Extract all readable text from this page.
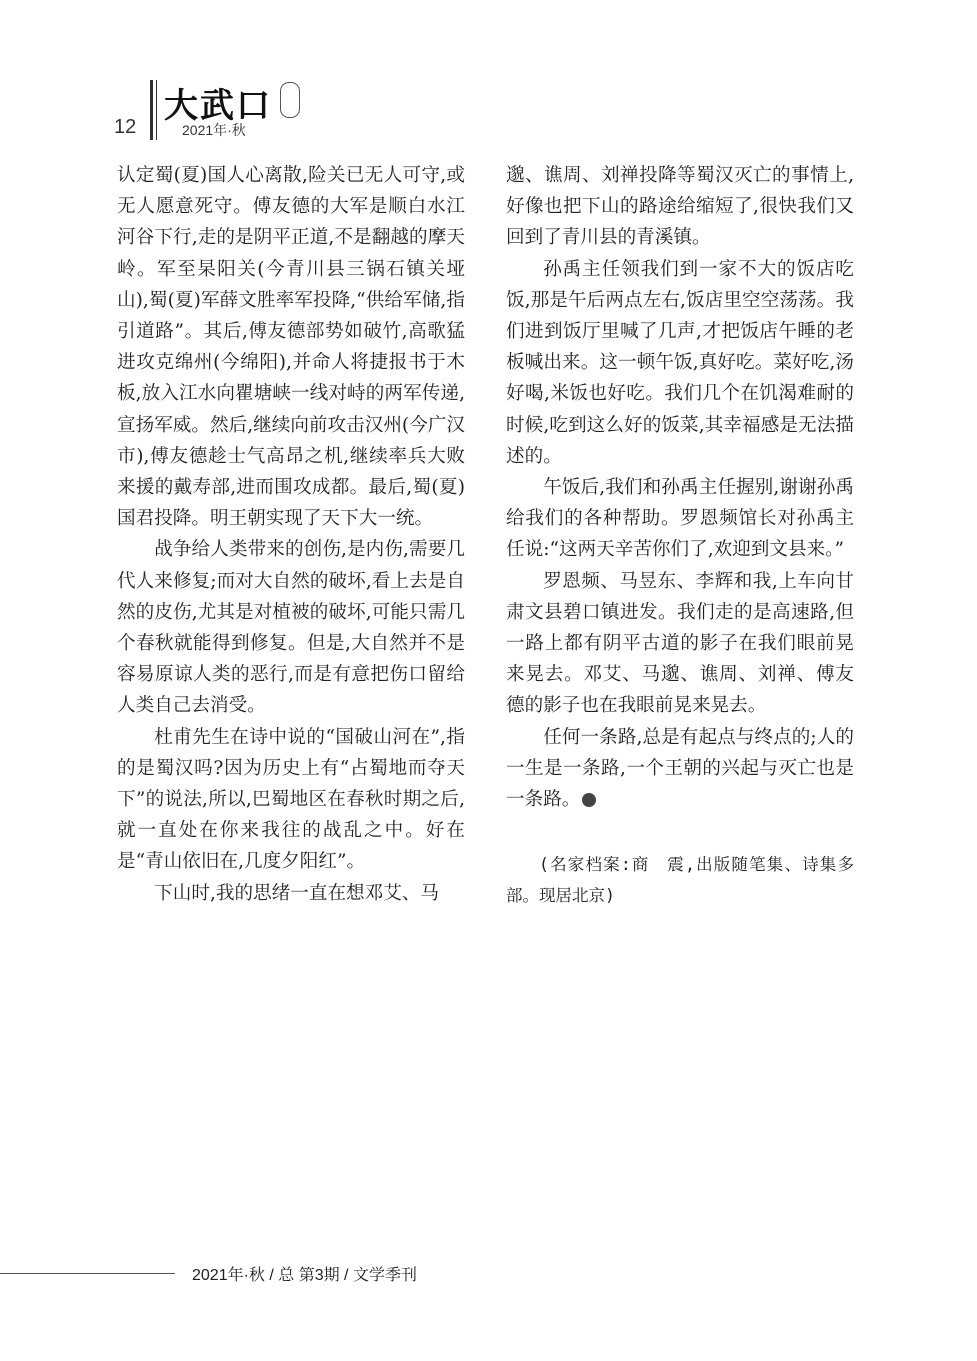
12
大武口
2021年·秋

认定蜀(夏)国人心离散,险关已无人可守,或无人愿意死守。傅友德的大军是顺白水江河谷下行,走的是阴平正道,不是翻越的摩天岭。军至杲阳关(今青川县三锅石镇关垭山),蜀(夏)军薛文胜率军投降,“供给军储,指引道路”。其后,傅友德部势如破竹,高歌猛进攻克绵州(今绵阳),并命人将捷报书于木板,放入江水向瞿塘峡一线对峙的两军传递,宣扬军威。然后,继续向前攻击汉州(今广汉市),傅友德趁士气高昂之机,继续率兵大败来援的戴寿部,进而围攻成都。最后,蜀(夏)国君投降。明王朝实现了天下大一统。

战争给人类带来的创伤,是内伤,需要几代人来修复;而对大自然的破坏,看上去是自然的皮伤,尤其是对植被的破坏,可能只需几个春秋就能得到修复。但是,大自然并不是容易原谅人类的恶行,而是有意把伤口留给人类自己去消受。

杜甫先生在诗中说的“国破山河在”,指的是蜀汉吗?因为历史上有“占蜀地而夺天下”的说法,所以,巴蜀地区在春秋时期之后,就一直处在你来我往的战乱之中。好在是“青山依旧在,几度夕阳红”。

下山时,我的思绪一直在想邓艾、马

邈、谯周、刘禅投降等蜀汉灭亡的事情上,好像也把下山的路途给缩短了,很快我们又回到了青川县的青溪镇。

孙禹主任领我们到一家不大的饭店吃饭,那是午后两点左右,饭店里空空荡荡。我们进到饭厅里喊了几声,才把饭店午睡的老板喊出来。这一顿午饭,真好吃。菜好吃,汤好喝,米饭也好吃。我们几个在饥渴难耐的时候,吃到这么好的饭菜,其幸福感是无法描述的。

午饭后,我们和孙禹主任握别,谢谢孙禹给我们的各种帮助。罗恩频馆长对孙禹主任说:“这两天辛苦你们了,欢迎到文县来。”

罗恩频、马昱东、李辉和我,上车向甘肃文县碧口镇进发。我们走的是高速路,但一路上都有阴平古道的影子在我们眼前晃来晃去。邓艾、马邈、谯周、刘禅、傅友德的影子也在我眼前晃来晃去。

任何一条路,总是有起点与终点的;人的一生是一条路,一个王朝的兴起与灭亡也是一条路。

(名家档案:商　震,出版随笔集、诗集多部。现居北京)

2021年·秋 / 总 第3期 / 文学季刊
